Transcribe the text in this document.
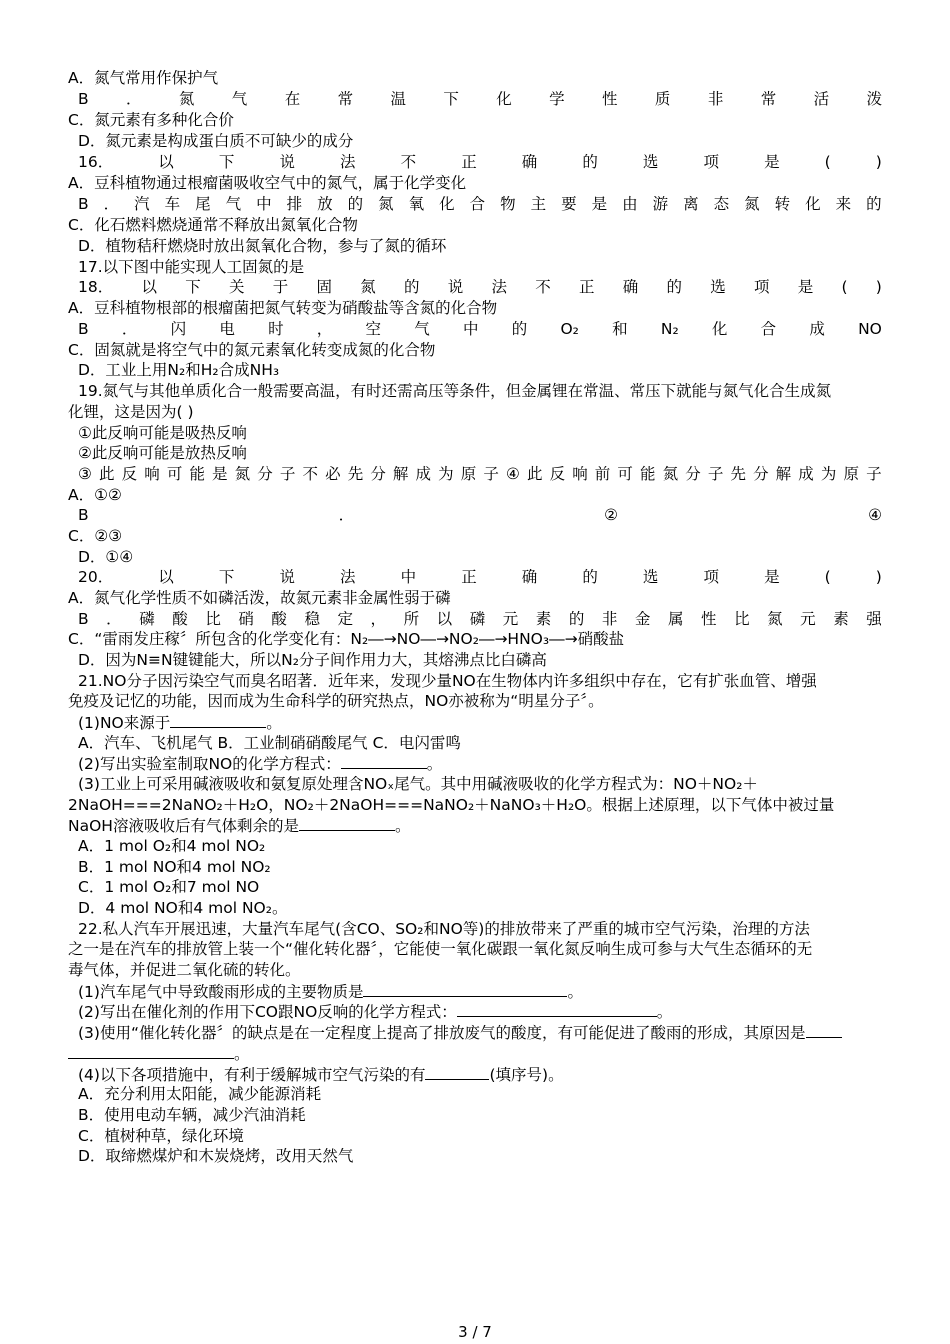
A．氮气常用作保护气
B ． 氮 气 在 常 温 下 化 学 性 质 非 常 活 泼
C．氮元素有多种化合价
D．氮元素是构成蛋白质不可缺少的成分
16．	以	下	说	法	不	正	确	的	选	项	是	(	)
A．豆科植物通过根瘤菌吸收空气中的氮气，属于化学变化
B ． 汽 车 尾 气 中 排 放 的 氮 氧 化 合 物 主 要 是 由 游 离 态 氮 转 化 来 的
C．化石燃料燃烧通常不释放出氮氧化合物
D．植物秸秆燃烧时放出氮氧化合物，参与了氮的循环
17.以下图中能实现人工固氮的是
18． 以 下 关 于 固 氮 的 说 法 不 正 确 的 选 项 是 ( )
A．豆科植物根部的根瘤菌把氮气转变为硝酸盐等含氮的化合物
B ． 闪 电 时 ， 空 气 中 的 O₂ 和 N₂ 化 合 成 NO
C．固氮就是将空气中的氮元素氧化转变成氮的化合物
D．工业上用N₂和H₂合成NH₃
19.氮气与其他单质化合一般需要高温，有时还需高压等条件，但金属锂在常温、常压下就能与氮气化合生成氮
化锂，这是因为( )
①此反响可能是吸热反响
②此反响可能是放热反响
③ 此 反 响 可 能 是 氮 分 子 不 必 先 分 解 成 为 原 子 ④ 此 反 响 前 可 能 氮 分 子 先 分 解 成 为 原 子
A．①②
B	．	②	④
C．②③
D．①④
20．	以	下	说	法	中	正	确	的	选	项	是	(	)
A．氮气化学性质不如磷活泼，故氮元素非金属性弱于磷
B ． 磷 酸 比 硝 酸 稳 定 ， 所 以 磷 元 素 的 非 金 属 性 比 氮 元 素 强
C．“雷雨发庄稼〞所包含的化学变化有：N₂―→NO―→NO₂―→HNO₃―→硝酸盐
D．因为N≡N键键能大，所以N₂分子间作用力大，其熔沸点比白磷高
21.NO分子因污染空气而臭名昭著．近年来，发现少量NO在生物体内许多组织中存在，它有扩张血管、增强
免疫及记忆的功能，因而成为生命科学的研究热点，NO亦被称为“明星分子〞。
(1)NO来源于	。
A．汽车、飞机尾气 B．工业制硝硝酸尾气 C．电闪雷鸣
(2)写出实验室制取NO的化学方程式：	。
(3)工业上可采用碱液吸收和氨复原处理含NOₓ尾气。其中用碱液吸收的化学方程式为：NO＋NO₂＋
2NaOH===2NaNO₂＋H₂O，NO₂＋2NaOH===NaNO₂＋NaNO₃＋H₂O。根据上述原理，以下气体中被过量
NaOH溶液吸收后有气体剩余的是	。
A．1 mol O₂和4 mol NO₂
B．1 mol NO和4 mol NO₂
C．1 mol O₂和7 mol NO
D．4 mol NO和4 mol NO₂。
22.私人汽车开展迅速，大量汽车尾气(含CO、SO₂和NO等)的排放带来了严重的城市空气污染，治理的方法
之一是在汽车的排放管上装一个“催化转化器〞，它能使一氧化碳跟一氧化氮反响生成可参与大气生态循环的无
毒气体，并促进二氧化硫的转化。
(1)汽车尾气中导致酸雨形成的主要物质是	。
(2)写出在催化剂的作用下CO跟NO反响的化学方程式：	。
(3)使用“催化转化器〞的缺点是在一定程度上提高了排放废气的酸度，有可能促进了酸雨的形成，其原因是
。
(4)以下各项措施中，有利于缓解城市空气污染的有	(填序号)。
A．充分利用太阳能，减少能源消耗
B．使用电动车辆，减少汽油消耗
C．植树种草，绿化环境
D．取缔燃煤炉和木炭烧烤，改用天然气
3 / 7
